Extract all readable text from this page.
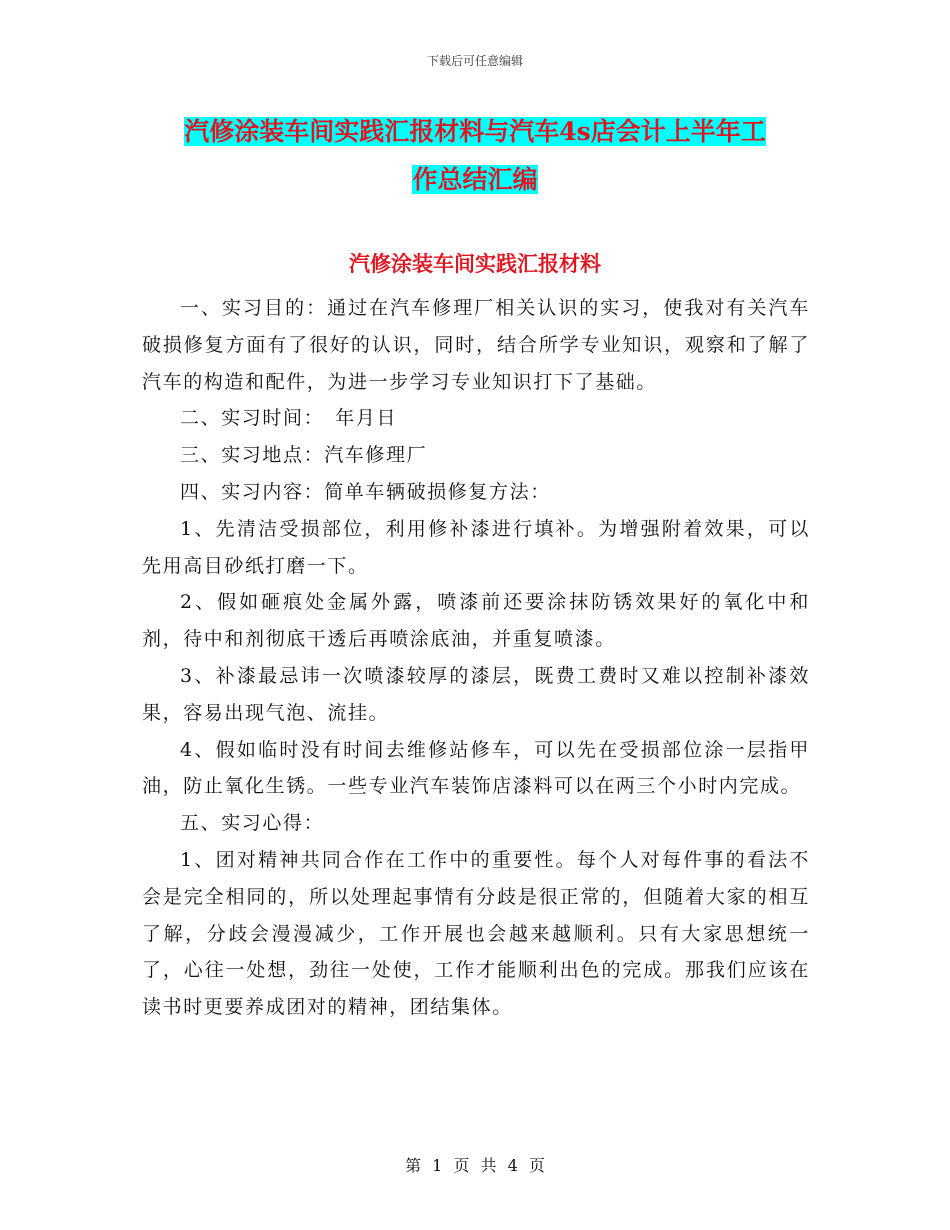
下载后可任意编辑
汽修涂装车间实践汇报材料与汽车4s店会计上半年工
作总结汇编
汽修涂装车间实践汇报材料

一、实习目的：通过在汽车修理厂相关认识的实习，使我对有关汽车破损修复方面有了很好的认识，同时，结合所学专业知识，观察和了解了汽车的构造和配件，为进一步学习专业知识打下了基础。

二、实习时间：　年月日

三、实习地点：汽车修理厂

四、实习内容：简单车辆破损修复方法：

1、先清洁受损部位，利用修补漆进行填补。为增强附着效果，可以先用高目砂纸打磨一下。

2、假如砸痕处金属外露，喷漆前还要涂抹防锈效果好的氧化中和剂，待中和剂彻底干透后再喷涂底油，并重复喷漆。

3、补漆最忌讳一次喷漆较厚的漆层，既费工费时又难以控制补漆效果，容易出现气泡、流挂。

4、假如临时没有时间去维修站修车，可以先在受损部位涂一层指甲油，防止氧化生锈。一些专业汽车装饰店漆料可以在两三个小时内完成。

五、实习心得：

1、团对精神共同合作在工作中的重要性。每个人对每件事的看法不会是完全相同的，所以处理起事情有分歧是很正常的，但随着大家的相互了解，分歧会漫漫减少，工作开展也会越来越顺利。只有大家思想统一了，心往一处想，劲往一处使，工作才能顺利出色的完成。那我们应该在读书时更要养成团对的精神，团结集体。

第 1 页 共 4 页
